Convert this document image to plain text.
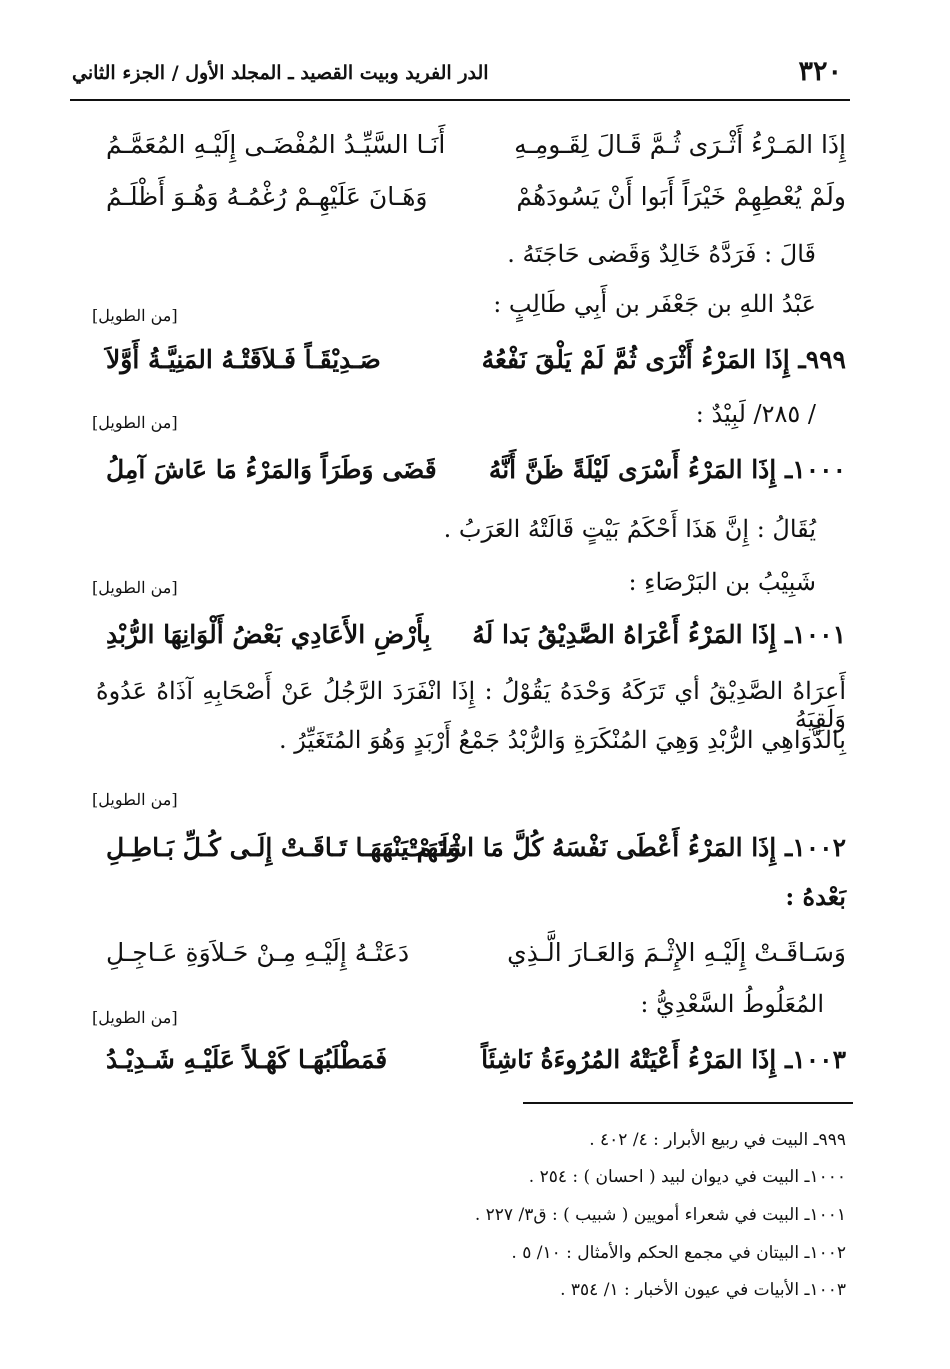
٣٢٠
الدر الفريد وبيت القصيد ـ المجلد الأول / الجزء الثاني
إِذَا المَـرْءُ أَثْـرَى ثُـمَّ قَـالَ لِقَـومِـهِ
أَنَـا السَّيِّـدُ المُفْضَـى إِلَيْـهِ المُعَمَّـمُ
ولَمْ يُعْطِهِمْ خَيْرَاً أَبَوا أَنْ يَسُودَهُمْ
وَهَـانَ عَلَيْهِـمْ رُغْمُـهُ وَهُـوَ أَظْلَـمُ
قَالَ : فَرَدَّهُ خَالِدٌ وَقَضى حَاجَتَهُ .
عَبْدُ اللهِ بن جَعْفَر بن أَبِي طَالِبٍ :
[من الطويل]
٩٩٩ـ إِذَا المَرْءُ أَثْرَى ثُمَّ لَمْ يَلْقَ نَفْعُهُ
صَـدِيْقَـاً فَـلاَقَتْـهُ المَنِيَّـةُ أَوَّلاَ
/ ٢٨٥/ لَبِيْدٌ :
[من الطويل]
١٠٠٠ـ إِذَا المَرْءُ أَسْرَى لَيْلَةً ظَنَّ أَنَّهُ
قَضَى وَطَرَاً وَالمَرْءُ مَا عَاشَ آمِلُ
يُقَالُ : إِنَّ هَذَا أَحْكَمُ بَيْتٍ قَالَتْهُ العَرَبُ .
شَبِيْبُ بن البَرْصَاءِ :
[من الطويل]
١٠٠١ـ إِذَا المَرْءُ أَعْرَاهُ الصَّدِيْقُ بَدا لَهُ
بِأَرْضِ الأَعَادِي بَعْضُ أَلْوَانِهَا الرُّبْدِ
أَعرَاهُ الصَّدِيْقُ أي تَرَكَهُ وَحْدَهُ يَقُوْلُ : إِذَا انْفَرَدَ الرَّجُلُ عَنْ أَصْحَابِهِ آذَاهُ عَدُوهُ وَلَقِيَهُ
بِالدَّوَاهِي الرُّبْدِ وَهِيَ المُنْكَرَةِ وَالرُّبْدُ جَمْعُ أَرْبَدٍ وَهُوَ المُتَغَيِّرُ .
[من الطويل]
١٠٠٢ـ إِذَا المَرْءُ أَعْطَى نَفْسَهُ كُلَّ مَا اشْتَهَتْ
وَلَـمْ يَنْهَهَـا تَـاقَـتْ إِلَـى كُـلِّ بَـاطِـلِ
بَعْدهُ :
وَسَـاقَـتْ إِلَيْـهِ الإِثْـمَ وَالعَـارَ الَّـذِي
دَعَتْـهُ إِلَيْـهِ مِـنْ حَـلاَوَةِ عَـاجِـلِ
المُعَلُوطُ السَّعْدِيُّ :
[من الطويل]
١٠٠٣ـ إِذَا المَرْءُ أَعْيَتْهُ المُرُوءَةُ نَاشِئَاً
فَمَطْلَبُهَـا كَهْـلاً عَلَيْـهِ شَـدِيْـدُ
٩٩٩ـ البيت في ربيع الأبرار : ٤/ ٤٠٢ .
١٠٠٠ـ البيت في ديوان لبيد ( احسان ) : ٢٥٤ .
١٠٠١ـ البيت في شعراء أمويين ( شبيب ) : ق٣/ ٢٢٧ .
١٠٠٢ـ البيتان في مجمع الحكم والأمثال : ١٠/ ٥ .
١٠٠٣ـ الأبيات في عيون الأخبار : ١/ ٣٥٤ .
